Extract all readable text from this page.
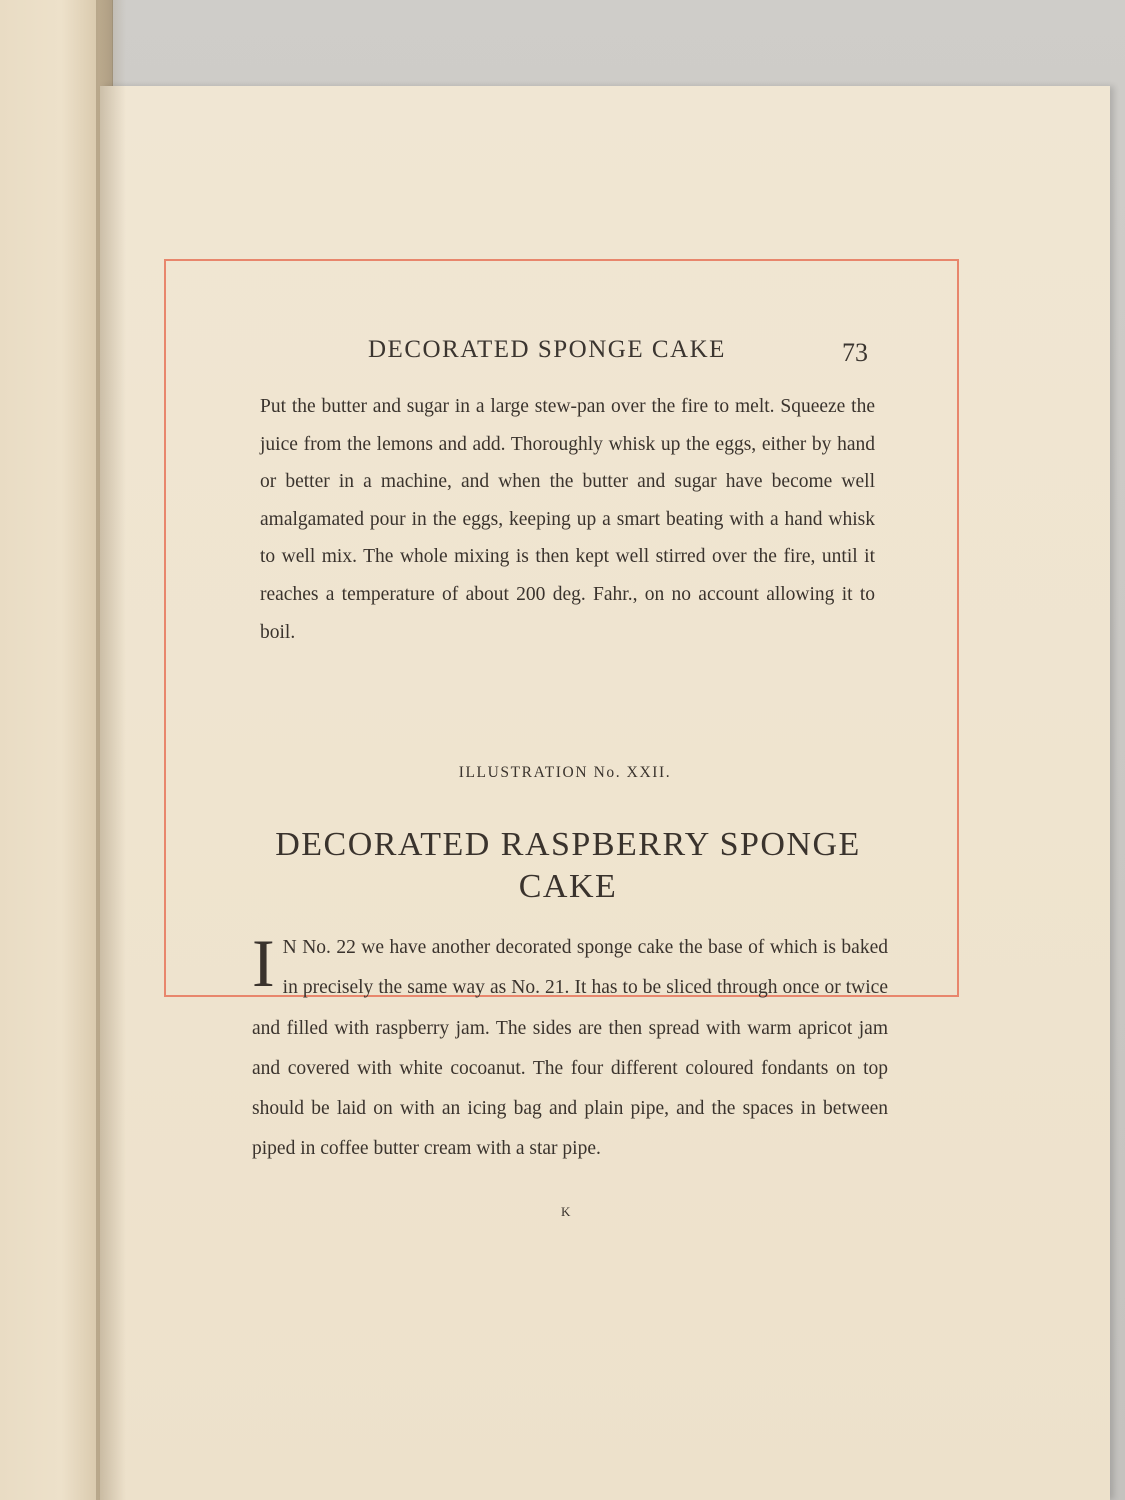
DECORATED SPONGE CAKE	73

Put the butter and sugar in a large stew-pan over the fire to melt. Squeeze the juice from the lemons and add. Thoroughly whisk up the eggs, either by hand or better in a machine, and when the butter and sugar have become well amalgamated pour in the eggs, keeping up a smart beating with a hand whisk to well mix. The whole mixing is then kept well stirred over the fire, until it reaches a temperature of about 200 deg. Fahr., on no account allowing it to boil.

ILLUSTRATION No. XXII.
DECORATED RASPBERRY SPONGE CAKE

I N No. 22 we have another decorated sponge cake the base of which is baked in precisely the same way as No. 21. It has to be sliced through once or twice and filled with raspberry jam. The sides are then spread with warm apricot jam and covered with white cocoanut. The four different coloured fondants on top should be laid on with an icing bag and plain pipe, and the spaces in between piped in coffee butter cream with a star pipe.

K
